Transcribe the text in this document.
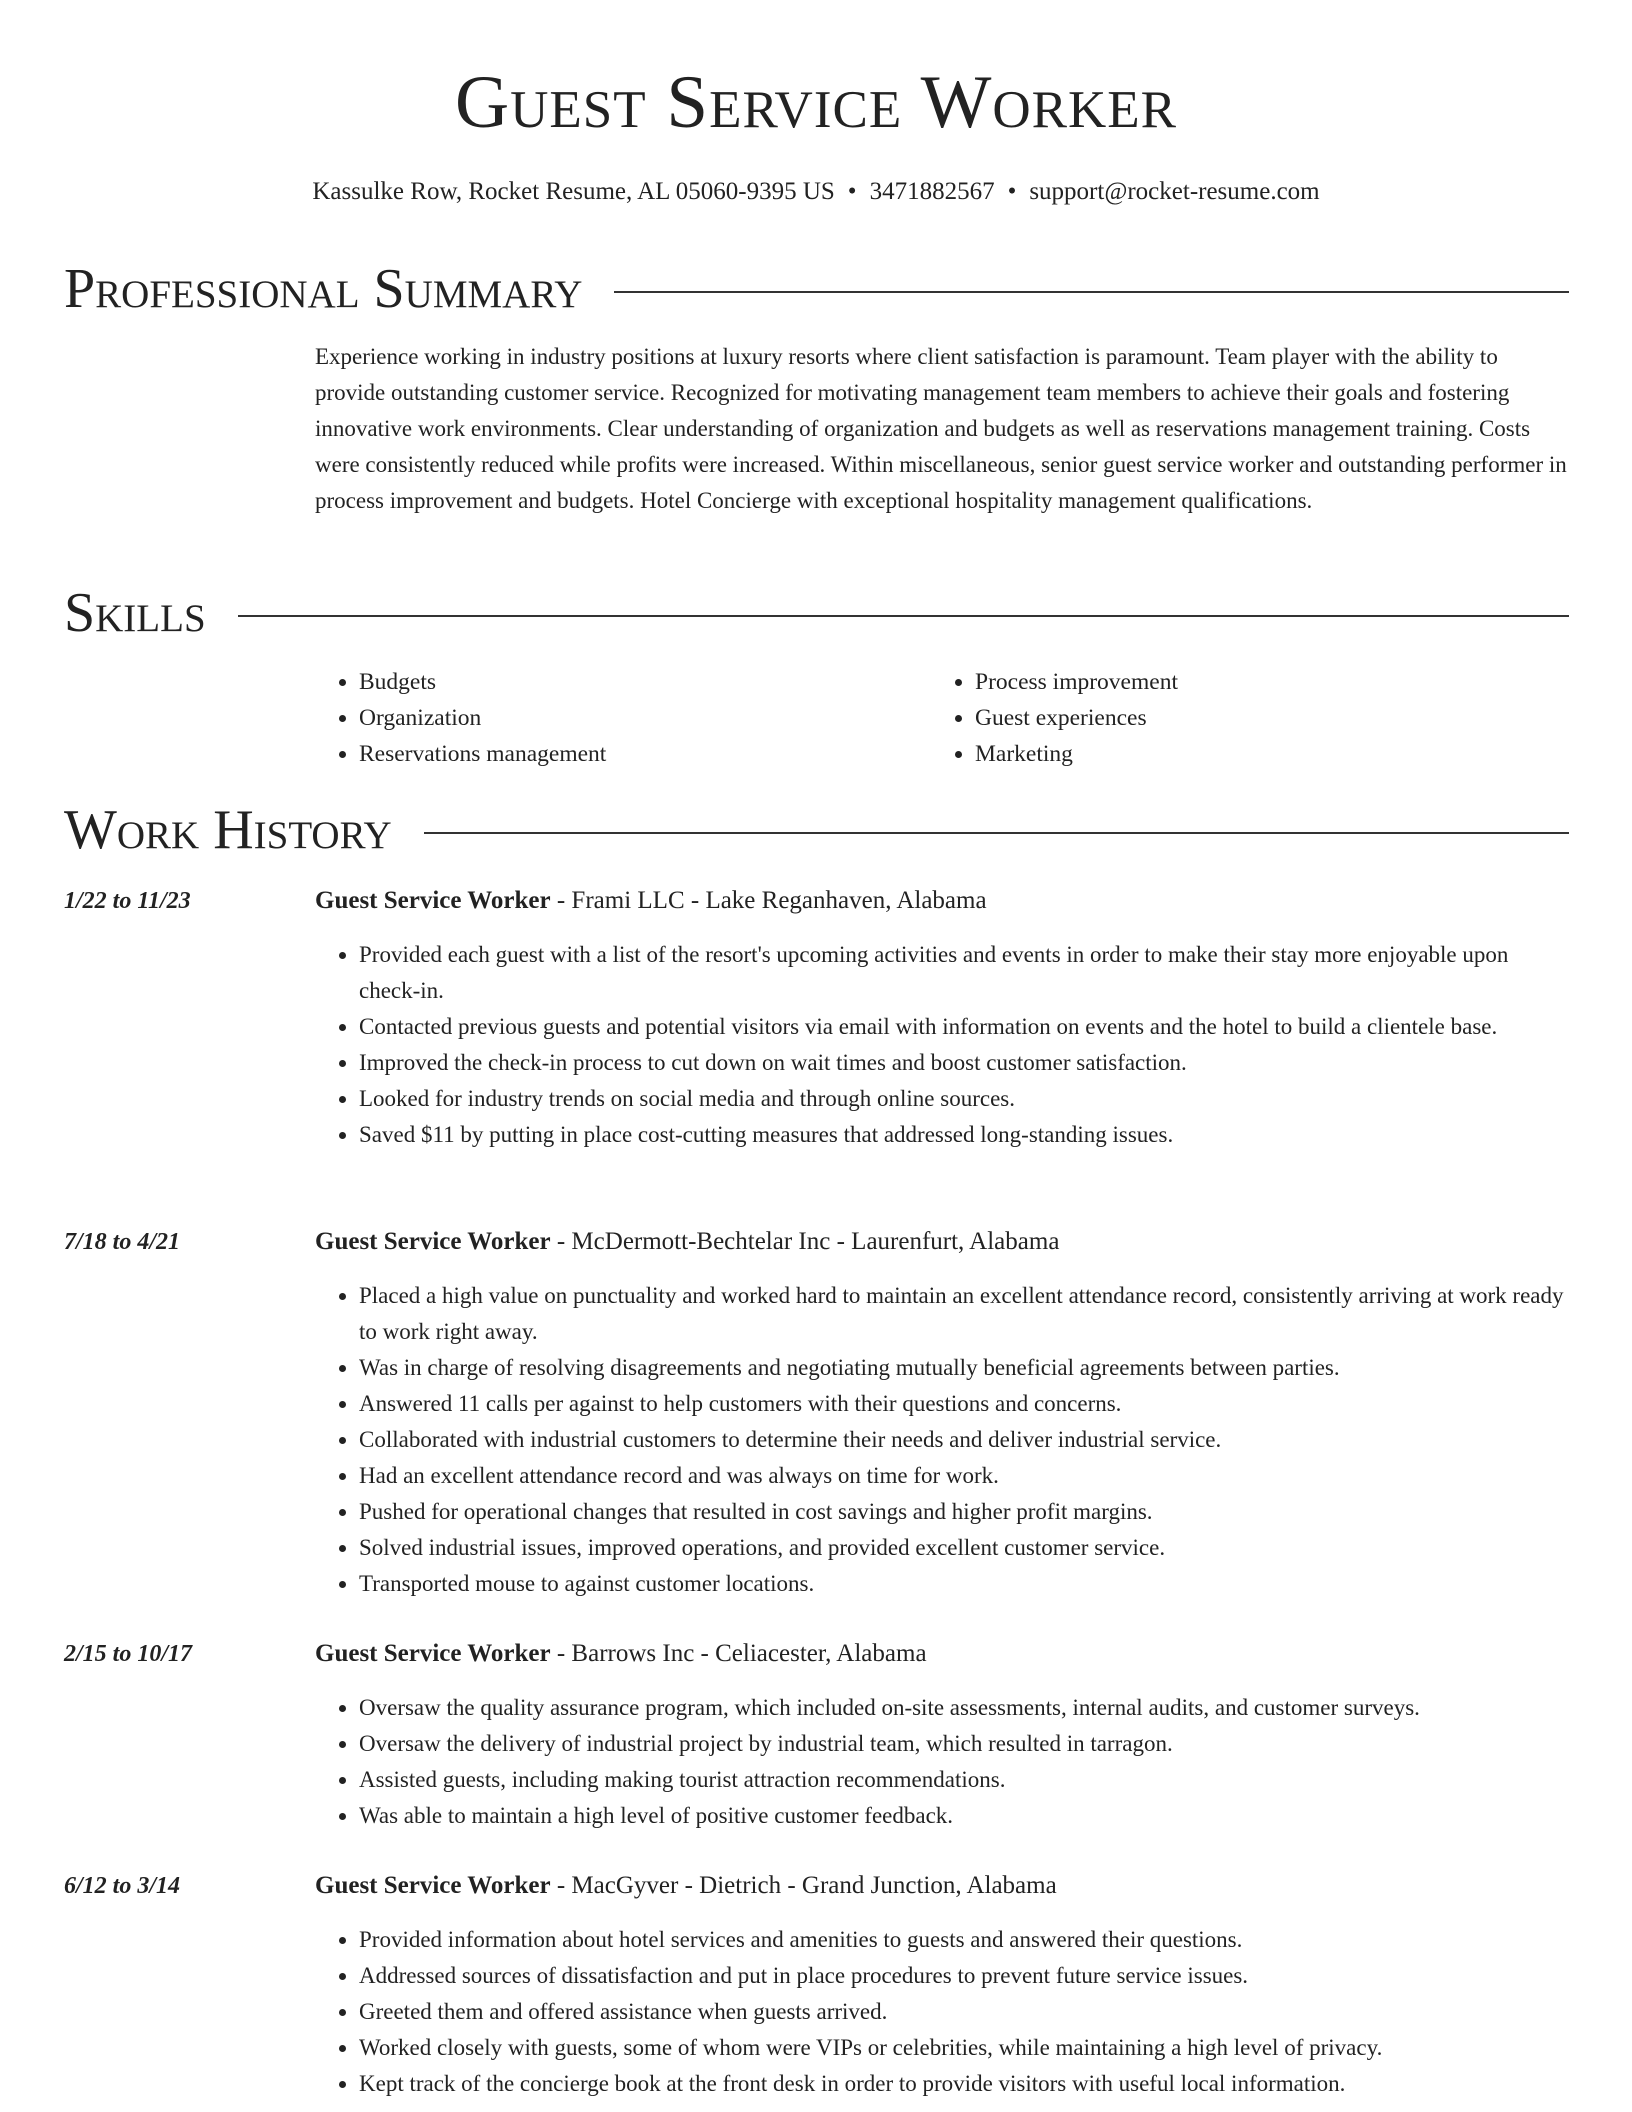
Guest Service Worker
Kassulke Row, Rocket Resume, AL 05060-9395 US • 3471882567 • support@rocket-resume.com
Professional Summary

Experience working in industry positions at luxury resorts where client satisfaction is paramount. Team player with the ability to provide outstanding customer service. Recognized for motivating management team members to achieve their goals and fostering innovative work environments. Clear understanding of organization and budgets as well as reservations management training. Costs were consistently reduced while profits were increased. Within miscellaneous, senior guest service worker and outstanding performer in process improvement and budgets. Hotel Concierge with exceptional hospitality management qualifications.

Skills
• Budgets
• Organization
• Reservations management
• Process improvement
• Guest experiences
• Marketing
Work History
1/22 to 11/23	Guest Service Worker - Frami LLC - Lake Reganhaven, Alabama
• Provided each guest with a list of the resort's upcoming activities and events in order to make their stay more enjoyable upon check-in.
• Contacted previous guests and potential visitors via email with information on events and the hotel to build a clientele base.
• Improved the check-in process to cut down on wait times and boost customer satisfaction.
• Looked for industry trends on social media and through online sources.
• Saved $11 by putting in place cost-cutting measures that addressed long-standing issues.
7/18 to 4/21	Guest Service Worker - McDermott-Bechtelar Inc - Laurenfurt, Alabama
• Placed a high value on punctuality and worked hard to maintain an excellent attendance record, consistently arriving at work ready to work right away.
• Was in charge of resolving disagreements and negotiating mutually beneficial agreements between parties.
• Answered 11 calls per against to help customers with their questions and concerns.
• Collaborated with industrial customers to determine their needs and deliver industrial service.
• Had an excellent attendance record and was always on time for work.
• Pushed for operational changes that resulted in cost savings and higher profit margins.
• Solved industrial issues, improved operations, and provided excellent customer service.
• Transported mouse to against customer locations.
2/15 to 10/17	Guest Service Worker - Barrows Inc - Celiacester, Alabama
• Oversaw the quality assurance program, which included on-site assessments, internal audits, and customer surveys.
• Oversaw the delivery of industrial project by industrial team, which resulted in tarragon.
• Assisted guests, including making tourist attraction recommendations.
• Was able to maintain a high level of positive customer feedback.
6/12 to 3/14	Guest Service Worker - MacGyver - Dietrich - Grand Junction, Alabama
• Provided information about hotel services and amenities to guests and answered their questions.
• Addressed sources of dissatisfaction and put in place procedures to prevent future service issues.
• Greeted them and offered assistance when guests arrived.
• Worked closely with guests, some of whom were VIPs or celebrities, while maintaining a high level of privacy.
• Kept track of the concierge book at the front desk in order to provide visitors with useful local information.
